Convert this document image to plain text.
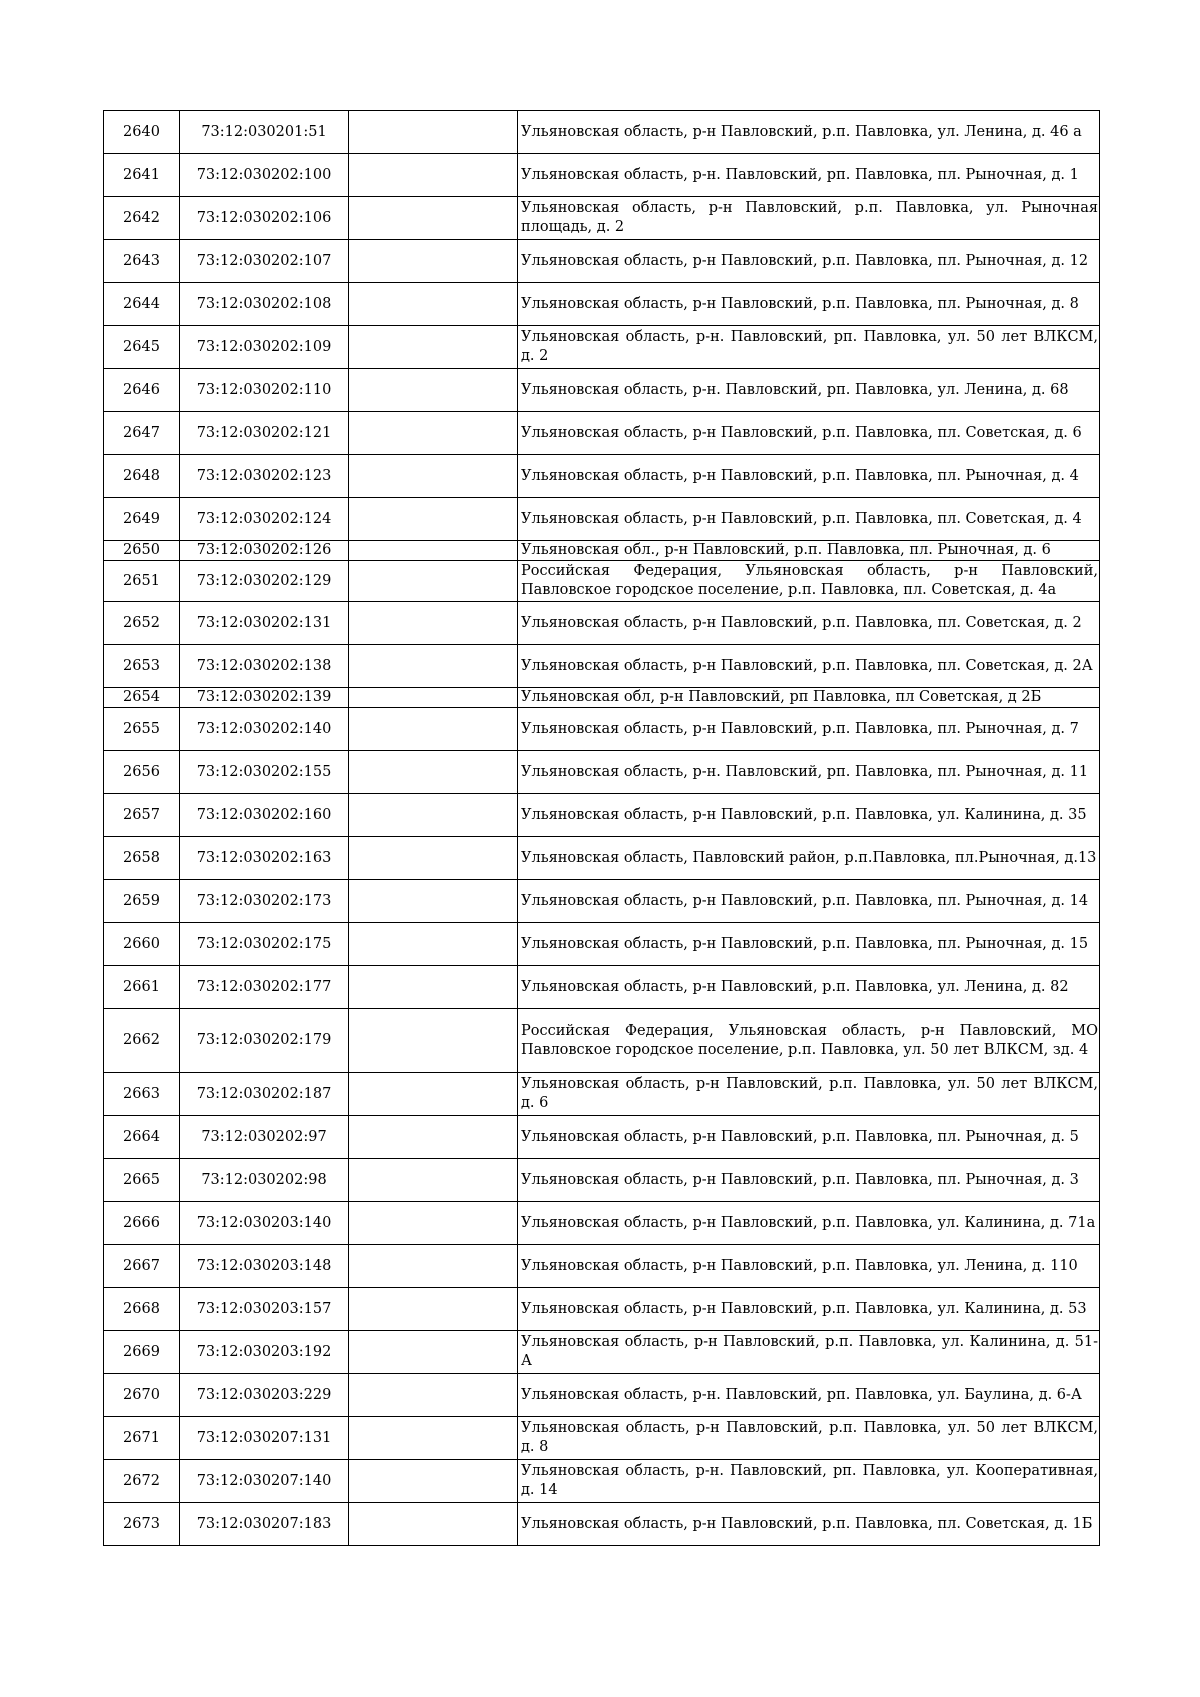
2640	73:12:030201:51		Ульяновская область, р-н Павловский, р.п. Павловка, ул. Ленина, д. 46 а
2641	73:12:030202:100		Ульяновская область, р-н. Павловский, рп. Павловка, пл. Рыночная, д. 1
2642	73:12:030202:106		Ульяновская область, р-н Павловский, р.п. Павловка, ул. Рыночная площадь, д. 2
2643	73:12:030202:107		Ульяновская область, р-н Павловский, р.п. Павловка, пл. Рыночная, д. 12
2644	73:12:030202:108		Ульяновская область, р-н Павловский, р.п. Павловка, пл. Рыночная, д. 8
2645	73:12:030202:109		Ульяновская область, р-н. Павловский, рп. Павловка, ул. 50 лет ВЛКСМ, д. 2
2646	73:12:030202:110		Ульяновская область, р-н. Павловский, рп. Павловка, ул. Ленина, д. 68
2647	73:12:030202:121		Ульяновская область, р-н Павловский, р.п. Павловка, пл. Советская, д. 6
2648	73:12:030202:123		Ульяновская область, р-н Павловский, р.п. Павловка, пл. Рыночная, д. 4
2649	73:12:030202:124		Ульяновская область, р-н Павловский, р.п. Павловка, пл. Советская, д. 4
2650	73:12:030202:126		Ульяновская обл., р-н Павловский, р.п. Павловка, пл. Рыночная, д. 6
2651	73:12:030202:129		Российская Федерация, Ульяновская область, р-н Павловский, Павловское городское поселение, р.п. Павловка, пл. Советская, д. 4а
2652	73:12:030202:131		Ульяновская область, р-н Павловский, р.п. Павловка, пл. Советская, д. 2
2653	73:12:030202:138		Ульяновская область, р-н Павловский, р.п. Павловка, пл. Советская, д. 2А
2654	73:12:030202:139		Ульяновская обл, р-н Павловский, рп Павловка, пл Советская, д 2Б
2655	73:12:030202:140		Ульяновская область, р-н Павловский, р.п. Павловка, пл. Рыночная, д. 7
2656	73:12:030202:155		Ульяновская область, р-н. Павловский, рп. Павловка, пл. Рыночная, д. 11
2657	73:12:030202:160		Ульяновская область, р-н Павловский, р.п. Павловка, ул. Калинина, д. 35
2658	73:12:030202:163		Ульяновская область, Павловский район, р.п.Павловка, пл.Рыночная, д.13
2659	73:12:030202:173		Ульяновская область, р-н Павловский, р.п. Павловка, пл. Рыночная, д. 14
2660	73:12:030202:175		Ульяновская область, р-н Павловский, р.п. Павловка, пл. Рыночная, д. 15
2661	73:12:030202:177		Ульяновская область, р-н Павловский, р.п. Павловка, ул. Ленина, д. 82
2662	73:12:030202:179		Российская Федерация, Ульяновская область, р-н Павловский, МО Павловское городское поселение, р.п. Павловка, ул. 50 лет ВЛКСМ, зд. 4
2663	73:12:030202:187		Ульяновская область, р-н Павловский, р.п. Павловка, ул. 50 лет ВЛКСМ, д. 6
2664	73:12:030202:97		Ульяновская область, р-н Павловский, р.п. Павловка, пл. Рыночная, д. 5
2665	73:12:030202:98		Ульяновская область, р-н Павловский, р.п. Павловка, пл. Рыночная, д. 3
2666	73:12:030203:140		Ульяновская область, р-н Павловский, р.п. Павловка, ул. Калинина, д. 71а
2667	73:12:030203:148		Ульяновская область, р-н Павловский, р.п. Павловка, ул. Ленина, д. 110
2668	73:12:030203:157		Ульяновская область, р-н Павловский, р.п. Павловка, ул. Калинина, д. 53
2669	73:12:030203:192		Ульяновская область, р-н Павловский, р.п. Павловка, ул. Калинина, д. 51-А
2670	73:12:030203:229		Ульяновская область, р-н. Павловский, рп. Павловка, ул. Баулина, д. 6-А
2671	73:12:030207:131		Ульяновская область, р-н Павловский, р.п. Павловка, ул. 50 лет ВЛКСМ, д. 8
2672	73:12:030207:140		Ульяновская область, р-н. Павловский, рп. Павловка, ул. Кооперативная, д. 14
2673	73:12:030207:183		Ульяновская область, р-н Павловский, р.п. Павловка, пл. Советская, д. 1Б
